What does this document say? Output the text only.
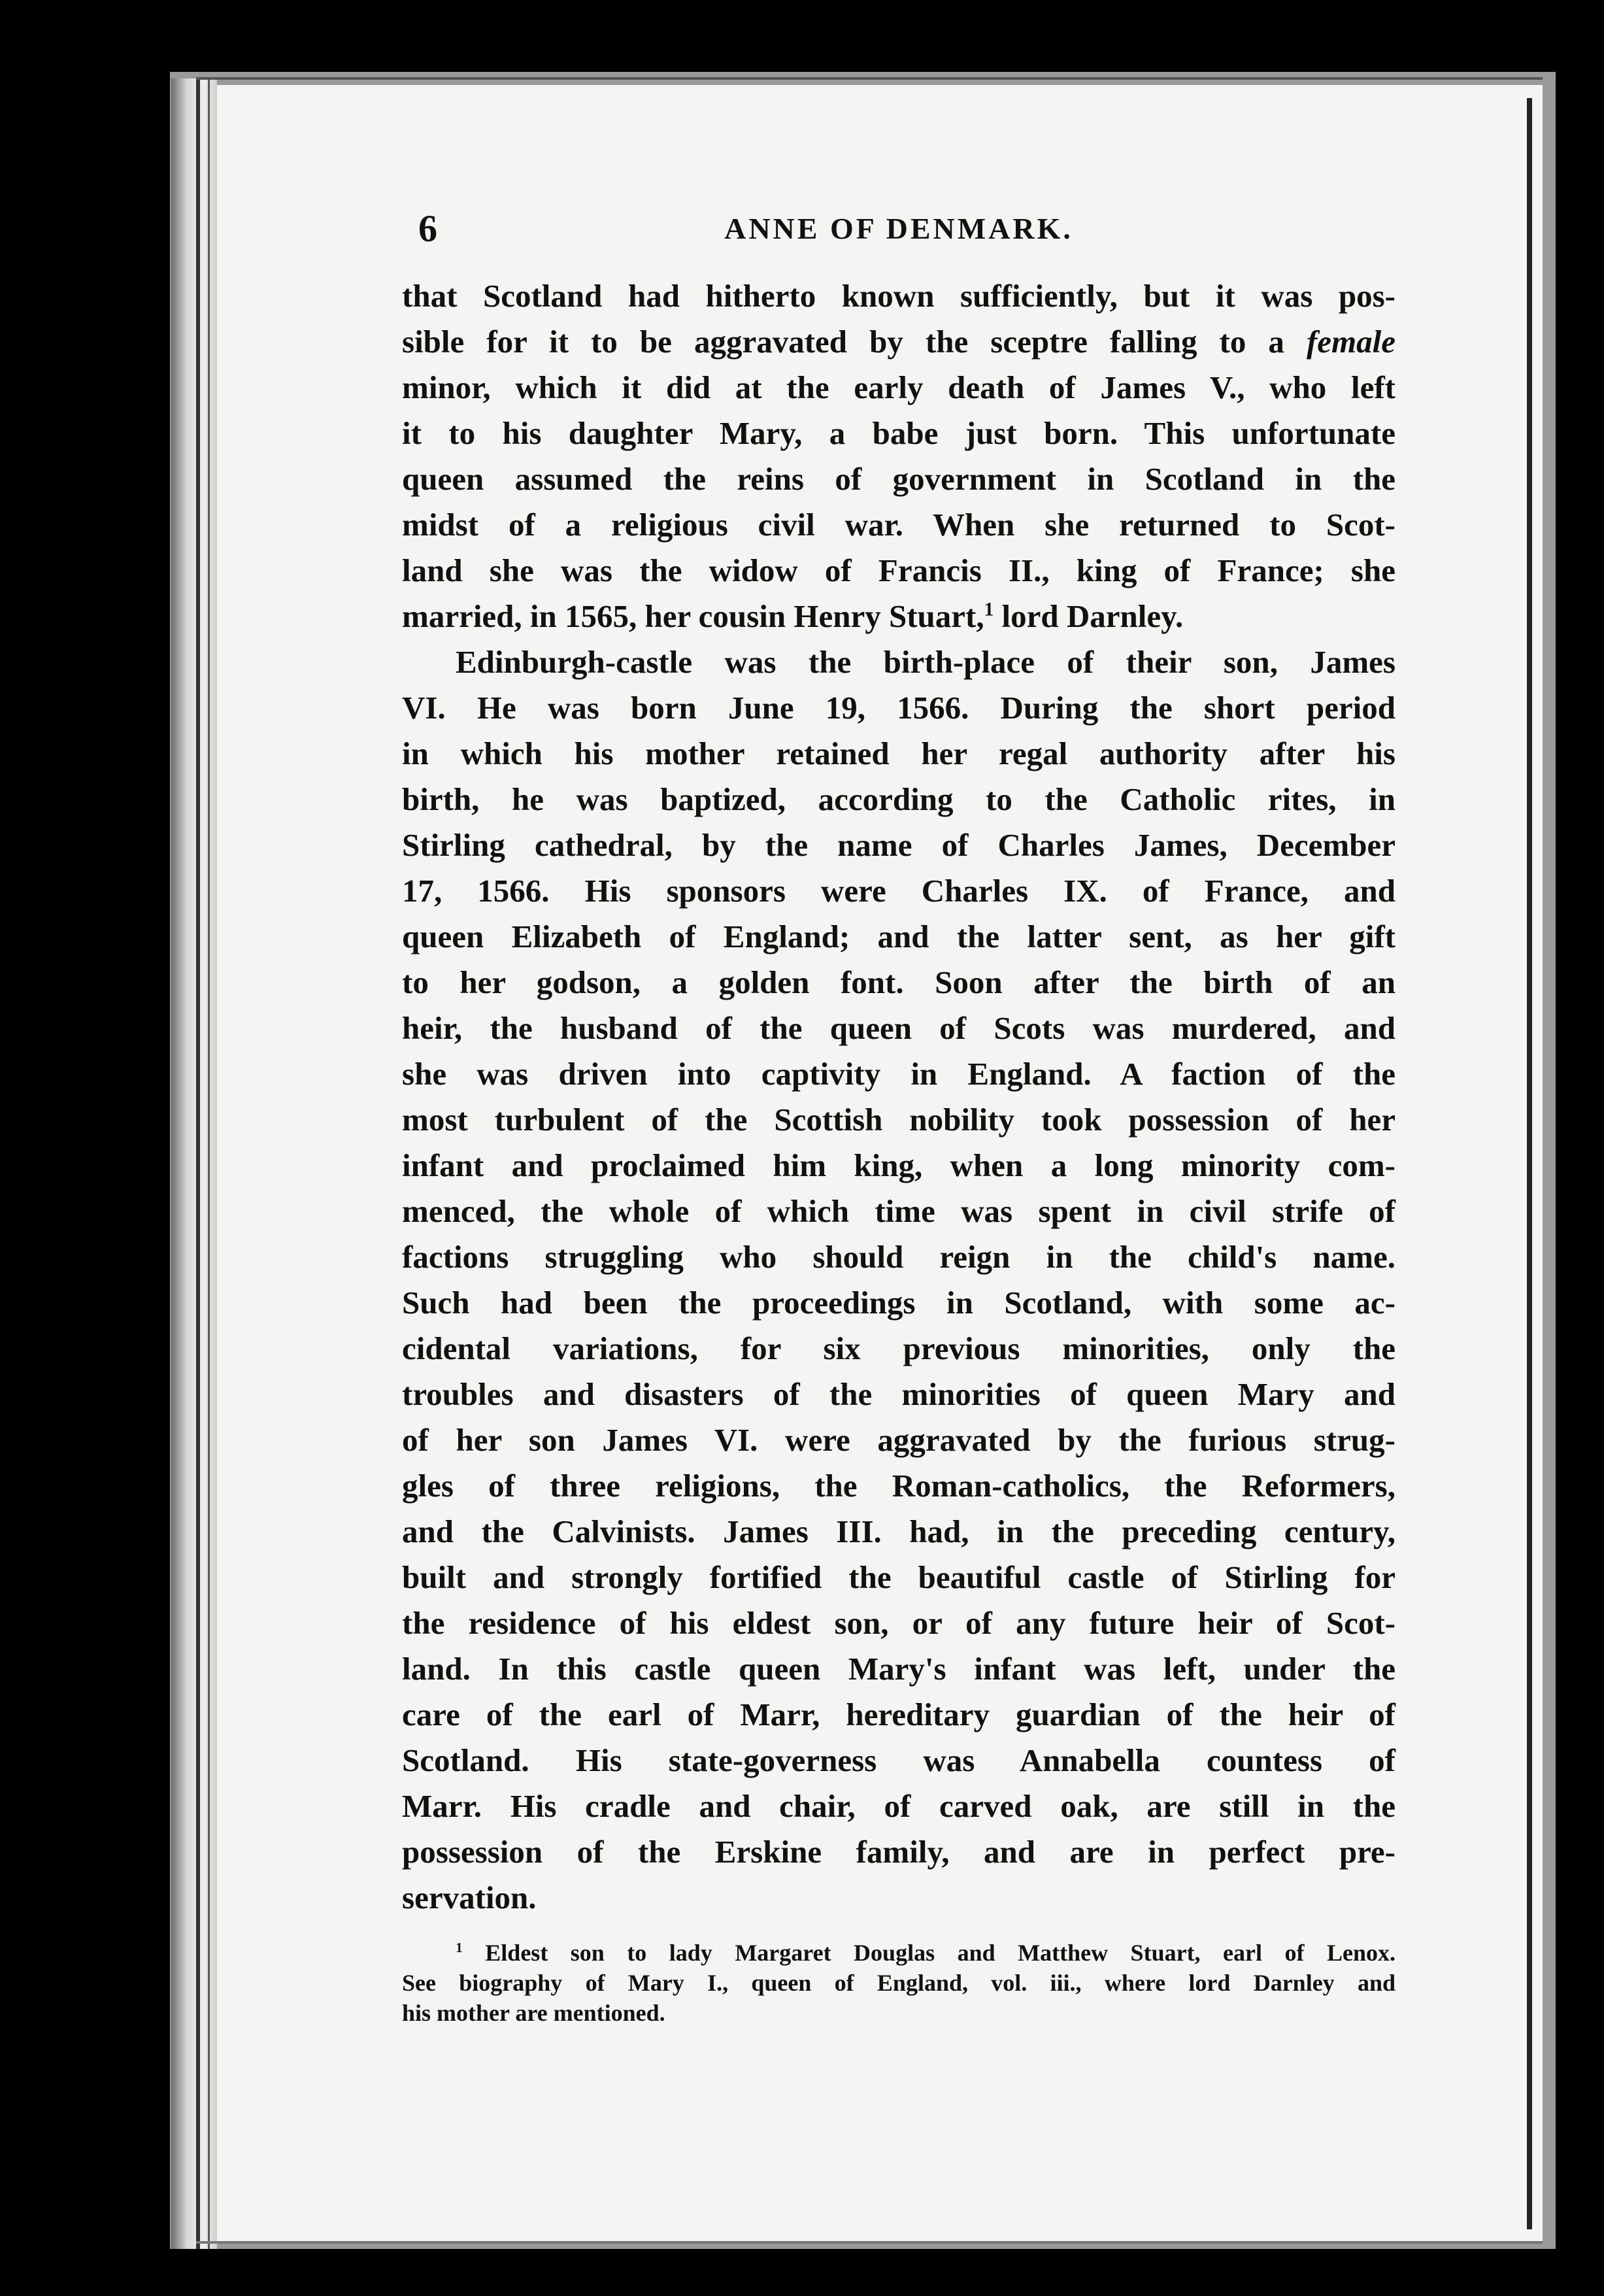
6	ANNE OF DENMARK.
that Scotland had hitherto known sufficiently, but it was pos-
sible for it to be aggravated by the sceptre falling to a female
minor, which it did at the early death of James V., who left
it to his daughter Mary, a babe just born. This unfortunate
queen assumed the reins of government in Scotland in the
midst of a religious civil war. When she returned to Scot-
land she was the widow of Francis II., king of France; she
married, in 1565, her cousin Henry Stuart,$^1$ lord Darnley.
Edinburgh-castle was the birth-place of their son, James
VI. He was born June 19, 1566. During the short period
in which his mother retained her regal authority after his
birth, he was baptized, according to the Catholic rites, in
Stirling cathedral, by the name of Charles James, December
17, 1566. His sponsors were Charles IX. of France, and
queen Elizabeth of England; and the latter sent, as her gift
to her godson, a golden font. Soon after the birth of an
heir, the husband of the queen of Scots was murdered, and
she was driven into captivity in England. A faction of the
most turbulent of the Scottish nobility took possession of her
infant and proclaimed him king, when a long minority com-
menced, the whole of which time was spent in civil strife of
factions struggling who should reign in the child's name.
Such had been the proceedings in Scotland, with some ac-
cidental variations, for six previous minorities, only the
troubles and disasters of the minorities of queen Mary and
of her son James VI. were aggravated by the furious strug-
gles of three religions, the Roman-catholics, the Reformers,
and the Calvinists. James III. had, in the preceding century,
built and strongly fortified the beautiful castle of Stirling for
the residence of his eldest son, or of any future heir of Scot-
land. In this castle queen Mary's infant was left, under the
care of the earl of Marr, hereditary guardian of the heir of
Scotland. His state-governess was Annabella countess of
Marr. His cradle and chair, of carved oak, are still in the
possession of the Erskine family, and are in perfect pre-
servation.
$^1$ Eldest son to lady Margaret Douglas and Matthew Stuart, earl of Lenox.
See biography of Mary I., queen of England, vol. iii., where lord Darnley and
his mother are mentioned.
